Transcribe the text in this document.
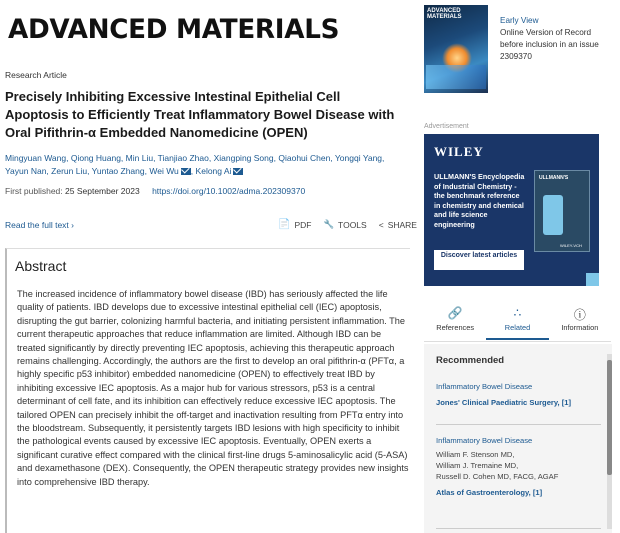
ADVANCED MATERIALS
Research Article
Precisely Inhibiting Excessive Intestinal Epithelial Cell Apoptosis to Efficiently Treat Inflammatory Bowel Disease with Oral Pifithrin-α Embedded Nanomedicine (OPEN)
Mingyuan Wang, Qiong Huang, Min Liu, Tianjiao Zhao, Xiangping Song, Qiaohui Chen, Yongqi Yang, Yayun Nan, Zerun Liu, Yuntao Zhang, Wei Wu , Kelong Ai
First published: 25 September 2023 https://doi.org/10.1002/adma.202309370
Read the full text ›	📄 PDF 🔧 TOOLS < SHARE
Abstract
The increased incidence of inflammatory bowel disease (IBD) has seriously affected the life quality of patients. IBD develops due to excessive intestinal epithelial cell (IEC) apoptosis, disrupting the gut barrier, colonizing harmful bacteria, and initiating persistent inflammation. The current therapeutic approaches that reduce inflammation are limited. Although IBD can be treated significantly by directly preventing IEC apoptosis, achieving this therapeutic approach remains challenging. Accordingly, the authors are the first to develop an oral pifithrin-α (PFTα, a highly specific p53 inhibitor) embedded nanomedicine (OPEN) to effectively treat IBD by inhibiting excessive IEC apoptosis. As a major hub for various stressors, p53 is a central determinant of cell fate, and its inhibition can effectively reduce excessive IEC apoptosis. The tailored OPEN can precisely inhibit the off-target and inactivation resulting from PFTα entry into the bloodstream. Subsequently, it persistently targets IBD lesions with high specificity to inhibit the pathological events caused by excessive IEC apoptosis. Eventually, OPEN exerts a significant curative effect compared with the clinical first-line drugs 5-aminosalicylic acid (5-ASA) and dexamethasone (DEX). Consequently, the OPEN therapeutic strategy provides new insights into comprehensive IBD therapy.
ADVANCED MATERIALS	Early View
Online Version of Record before inclusion in an issue
2309370
Advertisement
WILEY
ULLMANN'S Encyclopedia of Industrial Chemistry - the benchmark reference in chemistry and chemical and life science engineering
Discover latest articles
ULLMANN'S
WILEY-VCH
🔗
References
∴
Related
ⓘ
Information
Recommended
Inflammatory Bowel Disease
Jones' Clinical Paediatric Surgery, [1]
Inflammatory Bowel Disease
William F. Stenson MD,
William J. Tremaine MD,
Russell D. Cohen MD, FACG, AGAF
Atlas of Gastroenterology, [1]
